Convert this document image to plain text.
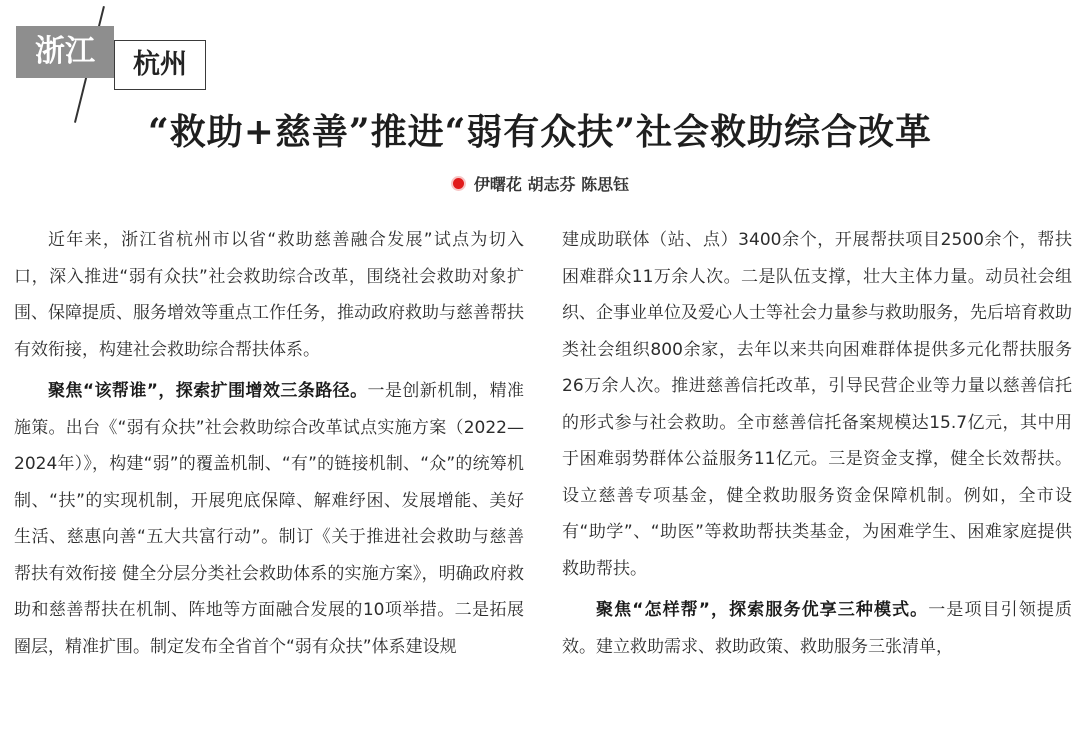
浙江	杭州
“救助+慈善”推进“弱有众扶”社会救助综合改革
伊曙花 胡志芬 陈思钰

近年来，浙江省杭州市以省“救助慈善融合发展”试点为切入口，深入推进“弱有众扶”社会救助综合改革，围绕社会救助对象扩围、保障提质、服务增效等重点工作任务，推动政府救助与慈善帮扶有效衔接，构建社会救助综合帮扶体系。

聚焦“该帮谁”，探索扩围增效三条路径。一是创新机制，精准施策。出台《“弱有众扶”社会救助综合改革试点实施方案（2022—2024年）》，构建“弱”的覆盖机制、“有”的链接机制、“众”的统筹机制、“扶”的实现机制，开展兜底保障、解难纾困、发展增能、美好生活、慈惠向善“五大共富行动”。制订《关于推进社会救助与慈善帮扶有效衔接 健全分层分类社会救助体系的实施方案》，明确政府救助和慈善帮扶在机制、阵地等方面融合发展的10项举措。二是拓展圈层，精准扩围。制定发布全省首个“弱有众扶”体系建设规

建成助联体（站、点）3400余个，开展帮扶项目2500余个，帮扶困难群众11万余人次。二是队伍支撑，壮大主体力量。动员社会组织、企事业单位及爱心人士等社会力量参与救助服务，先后培育救助类社会组织800余家，去年以来共向困难群体提供多元化帮扶服务26万余人次。推进慈善信托改革，引导民营企业等力量以慈善信托的形式参与社会救助。全市慈善信托备案规模达15.7亿元，其中用于困难弱势群体公益服务11亿元。三是资金支撑，健全长效帮扶。设立慈善专项基金，健全救助服务资金保障机制。例如，全市设有“助学”、“助医”等救助帮扶类基金，为困难学生、困难家庭提供救助帮扶。

聚焦“怎样帮”，探索服务优享三种模式。一是项目引领提质效。建立救助需求、救助政策、救助服务三张清单，
